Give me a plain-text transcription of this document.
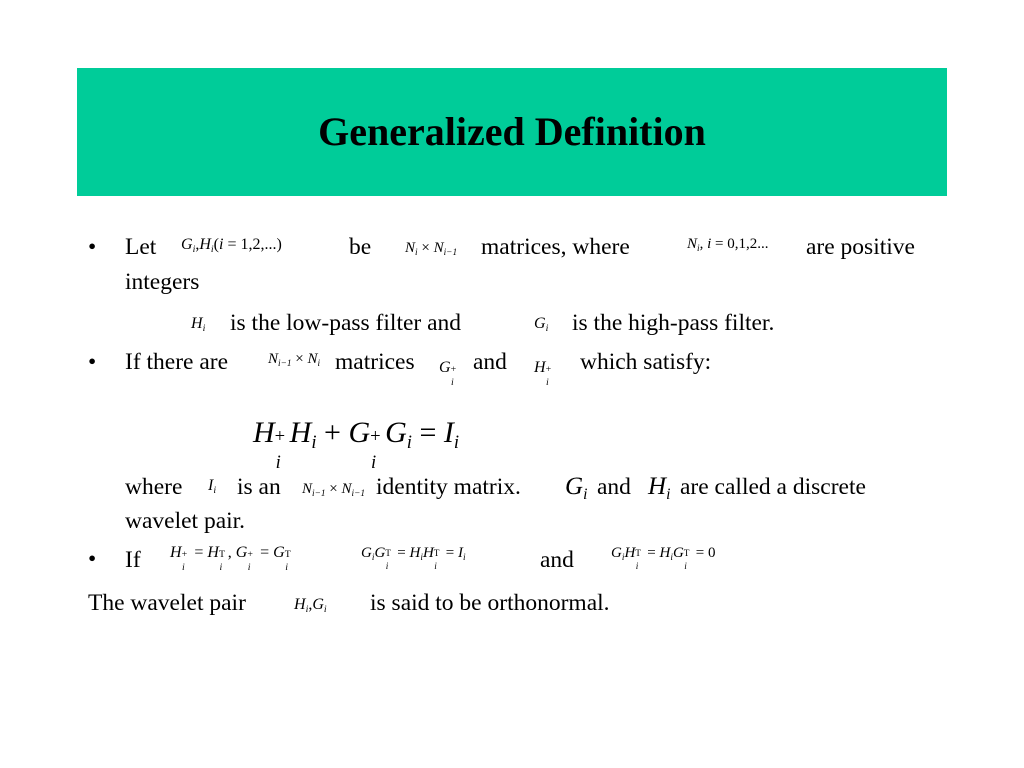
Generalized Definition
• Let $G_i,H_i(i = 1,2,...)$	be $N_i \times N_{i-1}$ matrices, where	$N_i$, i = 0,1,2... are positive
integers
$H_i$ is the low-pass filter and	$G_i$ is the high-pass filter.
• If there are	$N_{i-1} \times N_i$ matrices G +
i
and H +
i
which satisfy:
H +
i
$H_i + G$ +
i
$G_i = I_i$
where $I_i$ is an $N_{i-1} \times N_{i-1}$ identity matrix. $G_i$ and $H_i$ are called a discrete
wavelet pair.
• If H +
i
= H T
i
, G +
i
= G T
i
$G_iG$ T
i
= $H_iH$ T
i
= $I_i$	and $G_iH$ T
i
= $H_iG$ T
i
= 0
The wavelet pair	$H_i,G_i$ is said to be orthonormal.
